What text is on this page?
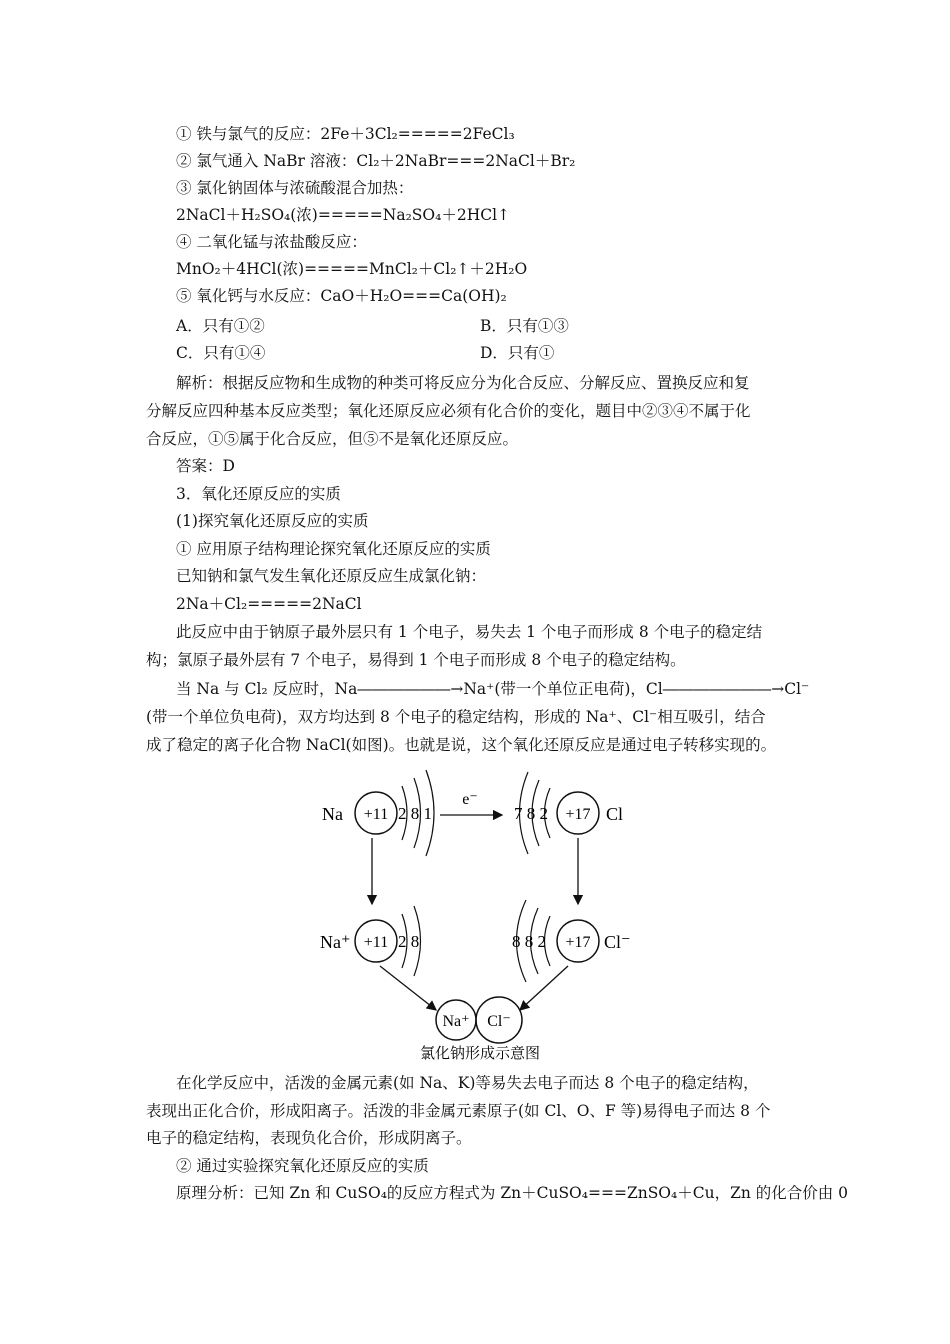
① 铁与氯气的反应：2Fe＋3Cl₂=====2FeCl₃
② 氯气通入 NaBr 溶液：Cl₂＋2NaBr===2NaCl＋Br₂
③ 氯化钠固体与浓硫酸混合加热：
2NaCl＋H₂SO₄(浓)=====Na₂SO₄＋2HCl↑
④ 二氧化锰与浓盐酸反应：
MnO₂＋4HCl(浓)=====MnCl₂＋Cl₂↑＋2H₂O
⑤ 氧化钙与水反应：CaO＋H₂O===Ca(OH)₂
A．只有①②	B．只有①③
C．只有①④	D．只有①
解析：根据反应物和生成物的种类可将反应分为化合反应、分解反应、置换反应和复
分解反应四种基本反应类型；氧化还原反应必须有化合价的变化，题目中②③④不属于化
合反应，①⑤属于化合反应，但⑤不是氧化还原反应。
答案：D
3．氧化还原反应的实质
(1)探究氧化还原反应的实质
① 应用原子结构理论探究氧化还原反应的实质
已知钠和氯气发生氧化还原反应生成氯化钠：
2Na＋Cl₂=====2NaCl
此反应中由于钠原子最外层只有 1 个电子，易失去 1 个电子而形成 8 个电子的稳定结
构；氯原子最外层有 7 个电子，易得到 1 个电子而形成 8 个电子的稳定结构。
当 Na 与 Cl₂ 反应时，Na――――――→Na⁺(带一个单位正电荷)，Cl―――――――→Cl⁻
(带一个单位负电荷)，双方均达到 8 个电子的稳定结构，形成的 Na⁺、Cl⁻相互吸引，结合
成了稳定的离子化合物 NaCl(如图)。也就是说，这个氧化还原反应是通过电子转移实现的。
Na +11 2 8 1
e⁻
7 8 2 +17 Cl
Na⁺ +11 2 8	8 8 2 +17 Cl⁻
Na⁺ Cl⁻
氯化钠形成示意图
在化学反应中，活泼的金属元素(如 Na、K)等易失去电子而达 8 个电子的稳定结构，
表现出正化合价，形成阳离子。活泼的非金属元素原子(如 Cl、O、F 等)易得电子而达 8 个
电子的稳定结构，表现负化合价，形成阴离子。
② 通过实验探究氧化还原反应的实质
原理分析：已知 Zn 和 CuSO₄的反应方程式为 Zn＋CuSO₄===ZnSO₄＋Cu，Zn 的化合价由 0
